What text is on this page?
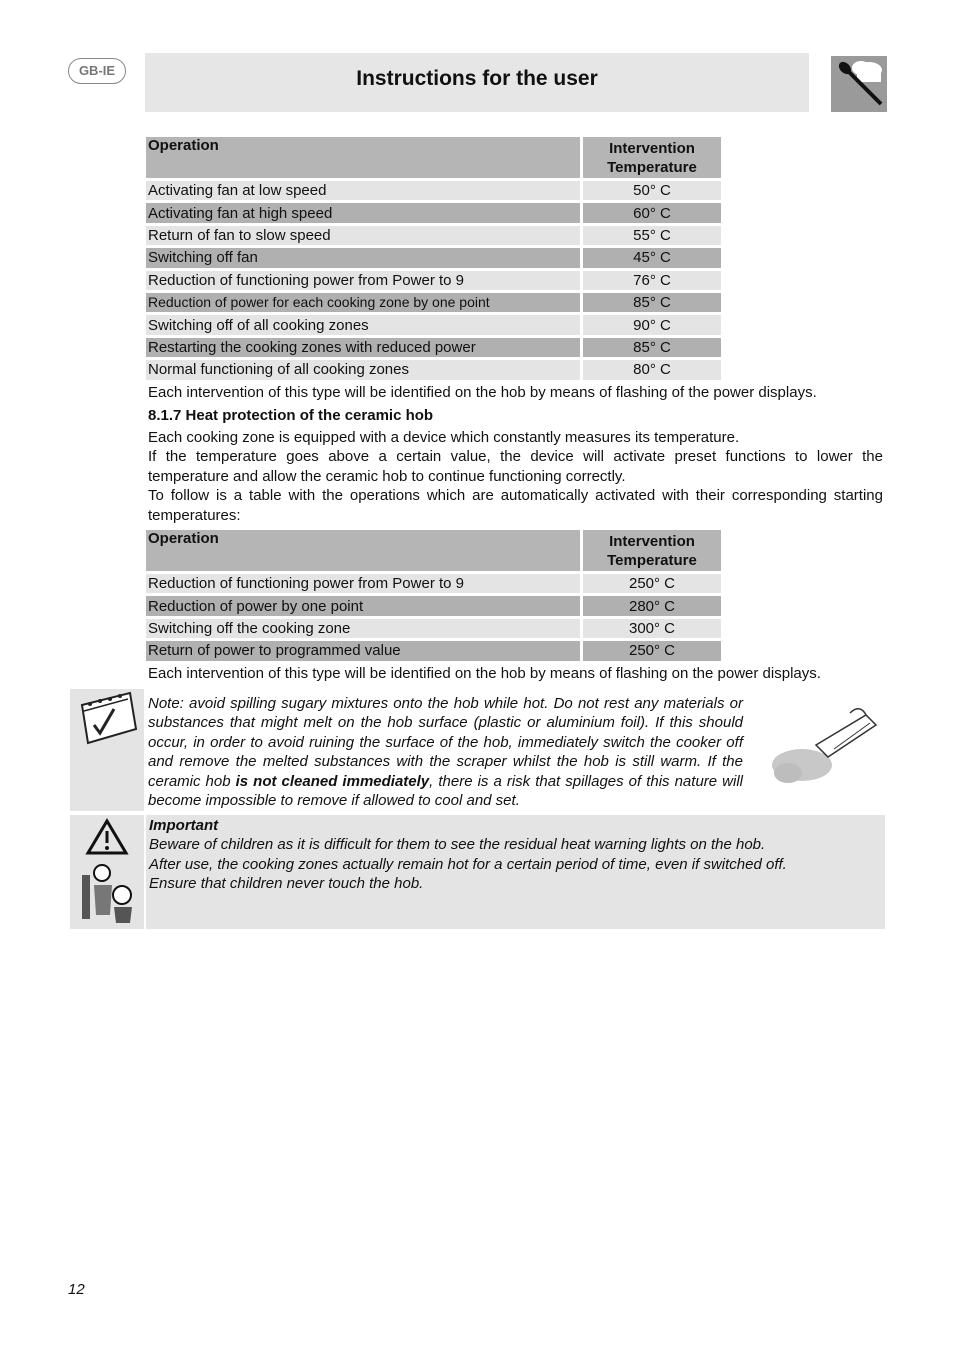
GB-IE	Instructions for the user
Operation		Intervention Temperature
Activating fan at low speed		50° C
Activating fan at high speed		60° C
Return of fan to slow speed		55° C
Switching off fan		45° C
Reduction of functioning power from Power to 9		76° C
Reduction of power for each cooking zone by one point		85° C
Switching off of all cooking zones		90° C
Restarting the cooking zones with reduced power		85° C
Normal functioning of all cooking zones		80° C
Each intervention of this type will be identified on the hob by means of flashing of the power displays.
8.1.7 Heat protection of the ceramic hob
Each cooking zone is equipped with a device which constantly measures its temperature.
If the temperature goes above a certain value, the device will activate preset functions to lower the temperature and allow the ceramic hob to continue functioning correctly.
To follow is a table with the operations which are automatically activated with their corresponding starting temperatures:
Operation		Intervention Temperature
Reduction of functioning power from Power to 9		250° C
Reduction of power by one point		280° C
Switching off the cooking zone		300° C
Return of power to programmed value		250° C
Each intervention of this type will be identified on the hob by means of flashing on the power displays.
Note: avoid spilling sugary mixtures onto the hob while hot. Do not rest any materials or substances that might melt on the hob surface (plastic or aluminium foil). If this should occur, in order to avoid ruining the surface of the hob, immediately switch the cooker off and remove the melted substances with the scraper whilst the hob is still warm. If the ceramic hob is not cleaned immediately, there is a risk that spillages of this nature will become impossible to remove if allowed to cool and set.
Important
Beware of children as it is difficult for them to see the residual heat warning lights on the hob.
After use, the cooking zones actually remain hot for a certain period of time, even if switched off.
Ensure that children never touch the hob.
12
